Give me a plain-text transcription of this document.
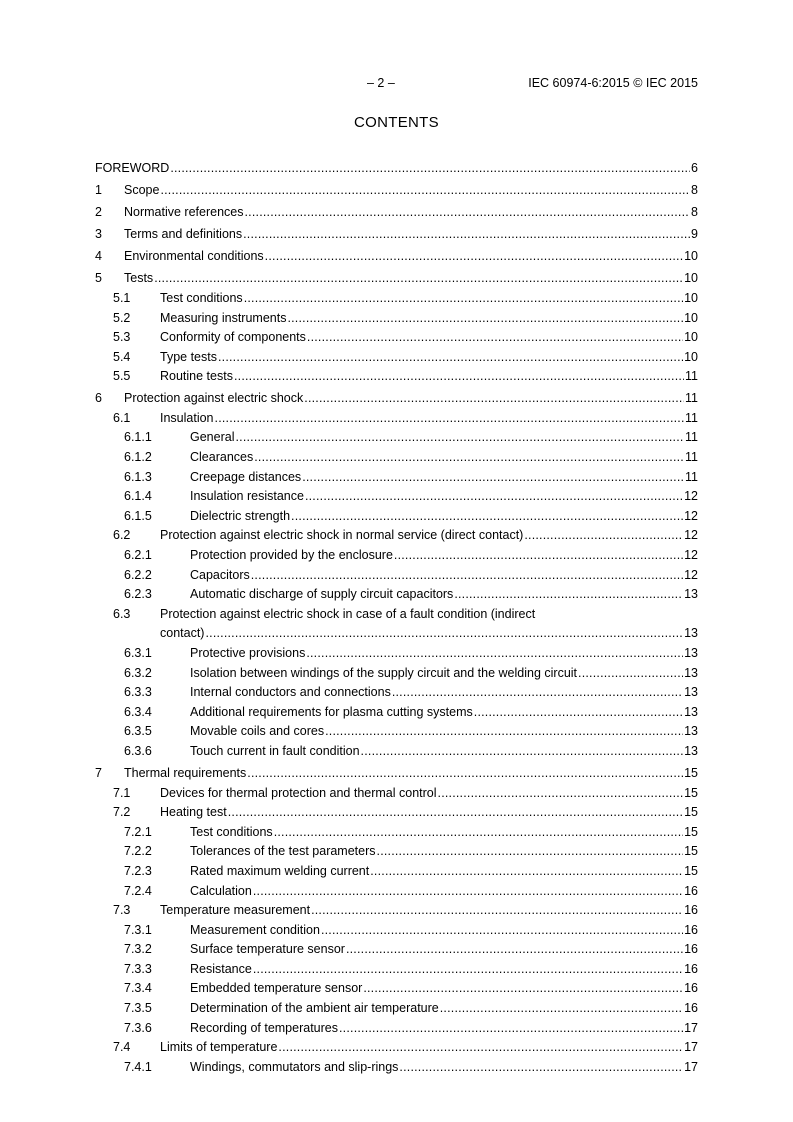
– 2 –	IEC 60974-6:2015 © IEC 2015
CONTENTS
FOREWORD .....	6
1 Scope .....	8
2 Normative references .....	8
3 Terms and definitions .....	9
4 Environmental conditions .....	10
5 Tests .....	10
5.1 Test conditions .....	10
5.2 Measuring instruments .....	10
5.3 Conformity of components .....	10
5.4 Type tests .....	10
5.5 Routine tests .....	11
6 Protection against electric shock .....	11
6.1 Insulation .....	11
6.1.1	General .....	11
6.1.2	Clearances .....	11
6.1.3	Creepage distances .....	11
6.1.4	Insulation resistance .....	12
6.1.5	Dielectric strength .....	12
6.2 Protection against electric shock in normal service (direct contact) .....	12
6.2.1	Protection provided by the enclosure .....	12
6.2.2	Capacitors .....	12
6.2.3	Automatic discharge of supply circuit capacitors .....	13
6.3 Protection against electric shock in case of a fault condition (indirect
contact) .....	13
6.3.1	Protective provisions .....	13
6.3.2	Isolation between windings of the supply circuit and the welding circuit .....	13
6.3.3	Internal conductors and connections .....	13
6.3.4	Additional requirements for plasma cutting systems .....	13
6.3.5	Movable coils and cores .....	13
6.3.6	Touch current in fault condition .....	13
7 Thermal requirements .....	15
7.1 Devices for thermal protection and thermal control .....	15
7.2 Heating test .....	15
7.2.1	Test conditions .....	15
7.2.2	Tolerances of the test parameters .....	15
7.2.3	Rated maximum welding current .....	15
7.2.4	Calculation .....	16
7.3 Temperature measurement .....	16
7.3.1	Measurement condition .....	16
7.3.2	Surface temperature sensor .....	16
7.3.3	Resistance .....	16
7.3.4	Embedded temperature sensor .....	16
7.3.5	Determination of the ambient air temperature .....	16
7.3.6	Recording of temperatures .....	17
7.4 Limits of temperature .....	17
7.4.1	Windings, commutators and slip-rings .....	17
